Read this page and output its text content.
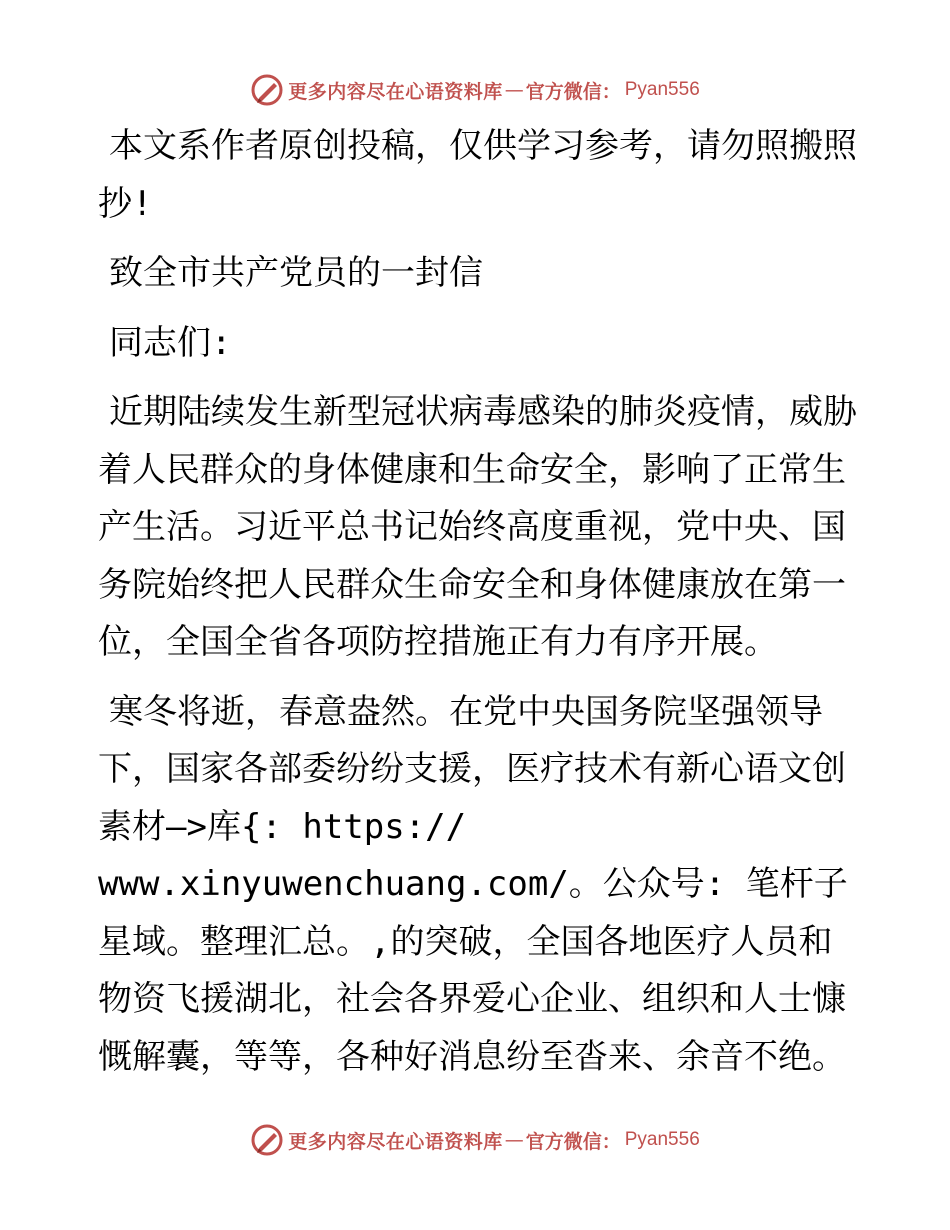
更多内容尽在心语资料库 — 官方微信： Pyan556

本文系作者原创投稿，仅供学习参考，请勿照搬照抄!

致全市共产党员的一封信

同志们:

近期陆续发生新型冠状病毒感染的肺炎疫情，威胁着人民群众的身体健康和生命安全，影响了正常生产生活。习近平总书记始终高度重视，党中央、国务院始终把人民群众生命安全和身体健康放在第一位，全国全省各项防控措施正有力有序开展。

寒冬将逝，春意盎然。在党中央国务院坚强领导下，国家各部委纷纷支援，医疗技术有新心语文创素材—>库{: https://

www.xinyuwenchuang.com/。公众号: 笔杆子星域。整理汇总。,的突破，全国各地医疗人员和物资飞援湖北，社会各界爱心企业、组织和人士慷慨解囊，等等，各种好消息纷至沓来、余音不绝。

更多内容尽在心语资料库 — 官方微信： Pyan556
